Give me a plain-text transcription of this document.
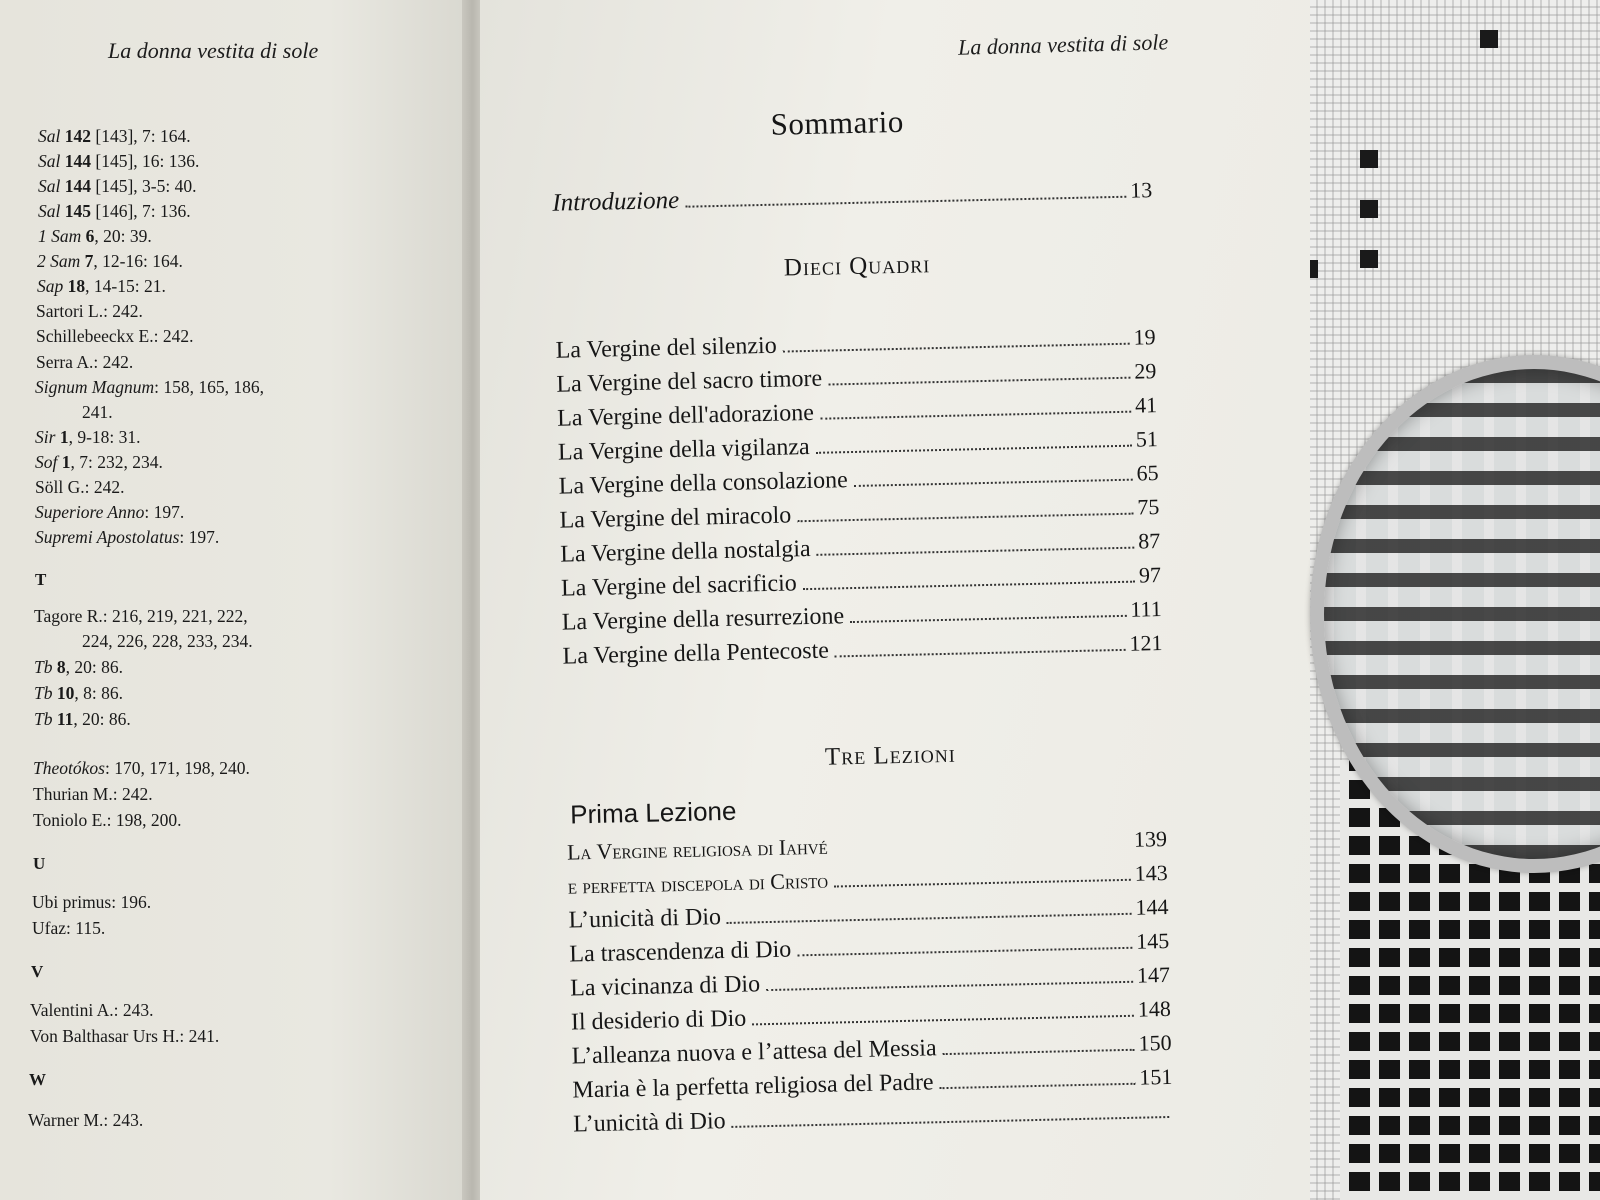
La donna vestita di sole
Sal 142 [143], 7: 164.
Sal 144 [145], 16: 136.
Sal 144 [145], 3-5: 40.
Sal 145 [146], 7: 136.
1 Sam 6, 20: 39.
2 Sam 7, 12-16: 164.
Sap 18, 14-15: 21.
Sartori L.: 242.
Schillebeeckx E.: 242.
Serra A.: 242.
Signum Magnum: 158, 165, 186,
241.
Sir 1, 9-18: 31.
Sof 1, 7: 232, 234.
Söll G.: 242.
Superiore Anno: 197.
Supremi Apostolatus: 197.
T
Tagore R.: 216, 219, 221, 222,
224, 226, 228, 233, 234.
Tb 8, 20: 86.
Tb 10, 8: 86.
Tb 11, 20: 86.
Theotókos: 170, 171, 198, 240.
Thurian M.: 242.
Toniolo E.: 198, 200.
U
Ubi primus: 196.
Ufaz: 115.
V
Valentini A.: 243.
Von Balthasar Urs H.: 241.
W
Warner M.: 243.
La donna vestita di sole
Sommario
Introduzione	13
Dieci Quadri
La Vergine del silenzio	19
La Vergine del sacro timore	29
La Vergine dell'adorazione	41
La Vergine della vigilanza	51
La Vergine della consolazione	65
La Vergine del miracolo	75
La Vergine della nostalgia	87
La Vergine del sacrificio	97
La Vergine della resurrezione	111
La Vergine della Pentecoste	121
Tre Lezioni
Prima Lezione
La Vergine religiosa di Iahvé	139
e perfetta discepola di Cristo	143
L’unicità di Dio	144
La trascendenza di Dio	145
La vicinanza di Dio	147
Il desiderio di Dio	148
L’alleanza nuova e l’attesa del Messia	150
Maria è la perfetta religiosa del Padre	151
L’unicità di Dio
